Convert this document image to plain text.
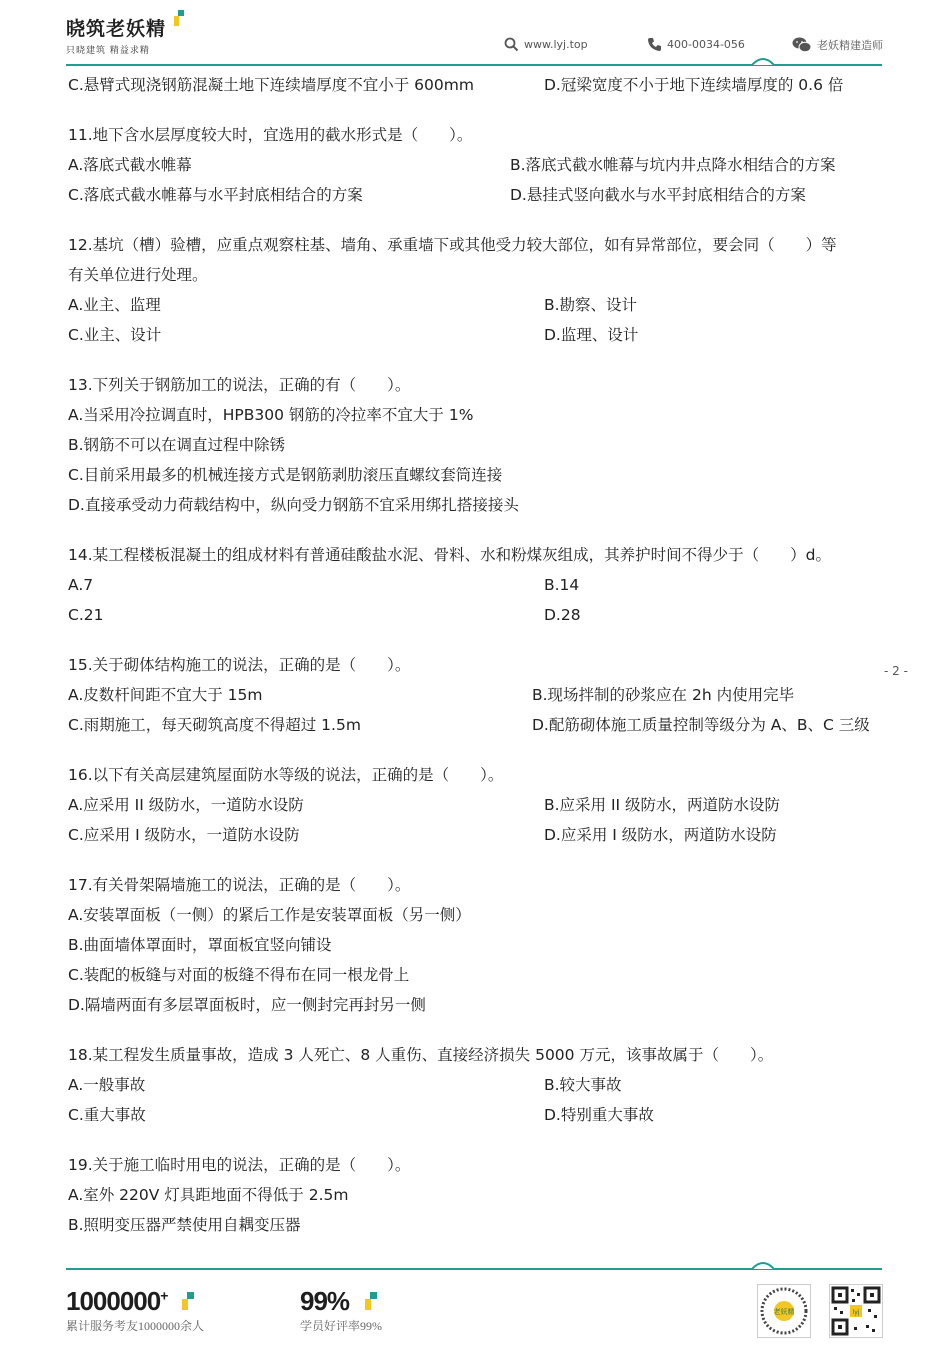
晓筑老妖精
只晓建筑 精益求精	www.lyj.top	400-0034-056	老妖精建造师
C.悬臂式现浇钢筋混凝土地下连续墙厚度不宜小于 600mm	D.冠梁宽度不小于地下连续墙厚度的 0.6 倍
11.地下含水层厚度较大时，宜选用的截水形式是（　　）。
A.落底式截水帷幕	B.落底式截水帷幕与坑内井点降水相结合的方案
C.落底式截水帷幕与水平封底相结合的方案	D.悬挂式竖向截水与水平封底相结合的方案
12.基坑（槽）验槽，应重点观察柱基、墙角、承重墙下或其他受力较大部位，如有异常部位，要会同（　　）等
有关单位进行处理。
A.业主、监理	B.勘察、设计
C.业主、设计	D.监理、设计
13.下列关于钢筋加工的说法，正确的有（　　）。
A.当采用冷拉调直时，HPB300 钢筋的冷拉率不宜大于 1%
B.钢筋不可以在调直过程中除锈
C.目前采用最多的机械连接方式是钢筋剥肋滚压直螺纹套筒连接
D.直接承受动力荷载结构中，纵向受力钢筋不宜采用绑扎搭接接头
14.某工程楼板混凝土的组成材料有普通硅酸盐水泥、骨料、水和粉煤灰组成，其养护时间不得少于（　　）d。
A.7	B.14
C.21	D.28
15.关于砌体结构施工的说法，正确的是（　　）。
A.皮数杆间距不宜大于 15m	B.现场拌制的砂浆应在 2h 内使用完毕
C.雨期施工，每天砌筑高度不得超过 1.5m	D.配筋砌体施工质量控制等级分为 A、B、C 三级
16.以下有关高层建筑屋面防水等级的说法，正确的是（　　）。
A.应采用 II 级防水，一道防水设防	B.应采用 II 级防水，两道防水设防
C.应采用 I 级防水，一道防水设防	D.应采用 I 级防水，两道防水设防
17.有关骨架隔墙施工的说法，正确的是（　　）。
A.安装罩面板（一侧）的紧后工作是安装罩面板（另一侧）
B.曲面墙体罩面时，罩面板宜竖向铺设
C.装配的板缝与对面的板缝不得布在同一根龙骨上
D.隔墙两面有多层罩面板时，应一侧封完再封另一侧
18.某工程发生质量事故，造成 3 人死亡、8 人重伤、直接经济损失 5000 万元，该事故属于（　　）。
A.一般事故	B.较大事故
C.重大事故	D.特别重大事故
19.关于施工临时用电的说法，正确的是（　　）。
A.室外 220V 灯具距地面不得低于 2.5m
B.照明变压器严禁使用自耦变压器
- 2 -
1000000+
累计服务考友1000000余人
99%
学员好评率99%
老妖精	lyj
